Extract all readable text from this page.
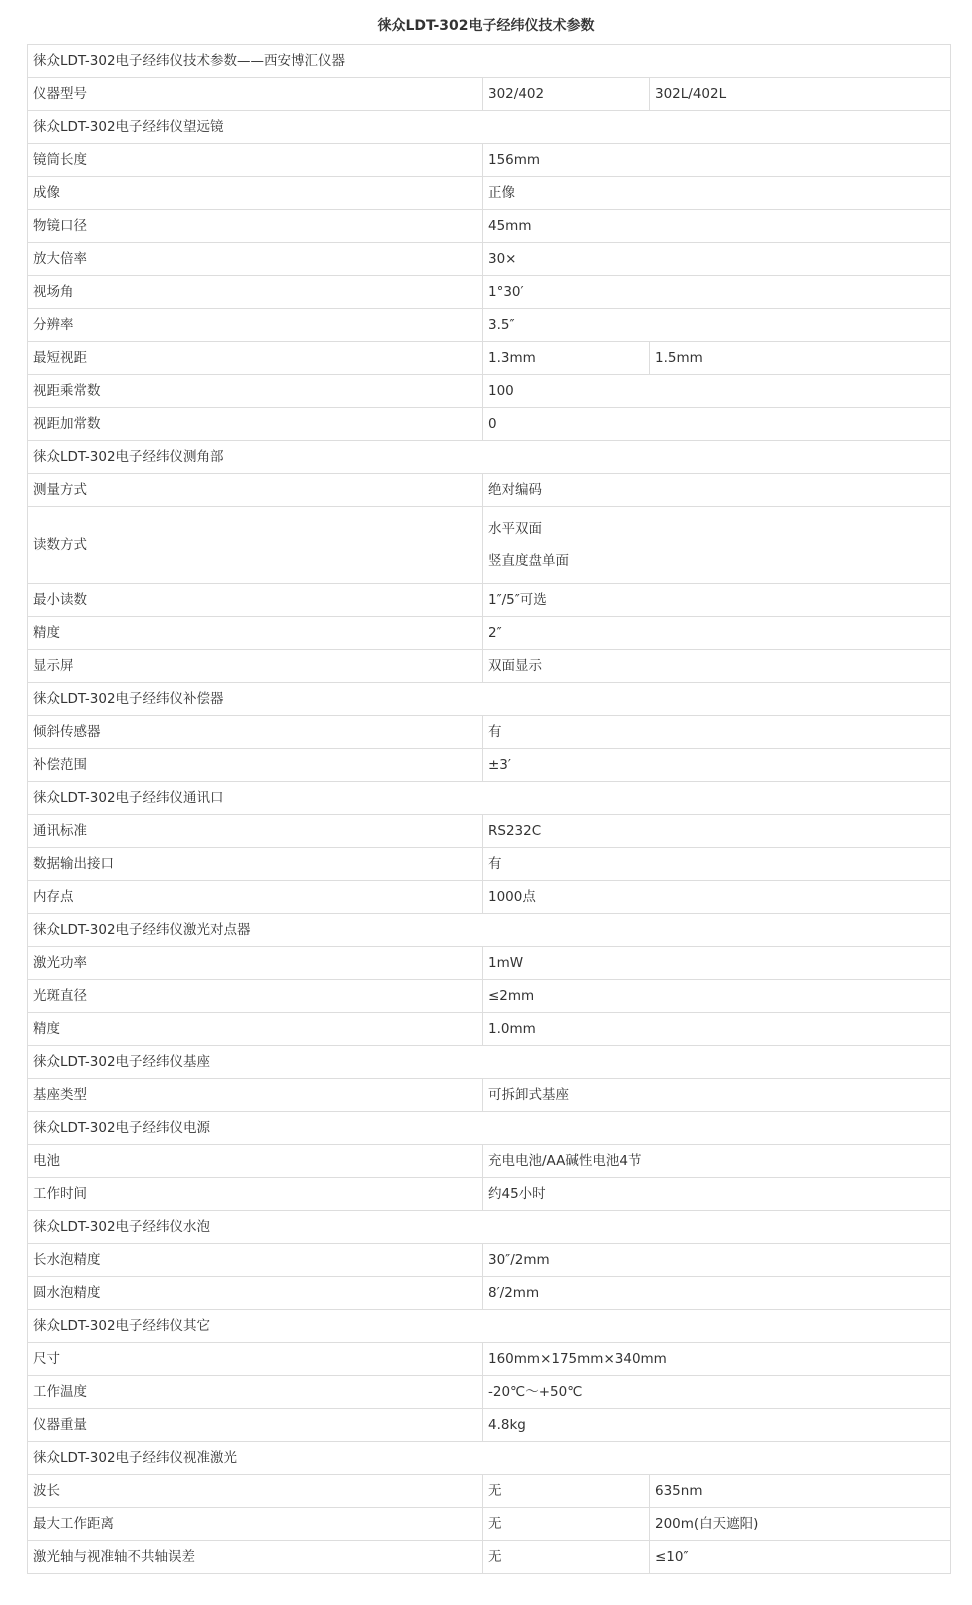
徕众LDT-302电子经纬仪技术参数
徕众LDT-302电子经纬仪技术参数——西安博汇仪器		
仪器型号	302/402	302L/402L
徕众LDT-302电子经纬仪望远镜		
镜筒长度	156mm	
成像	正像	
物镜口径	45mm	
放大倍率	30×	
视场角	1°30′	
分辨率	3.5″	
最短视距	1.3mm	1.5mm
视距乘常数	100	
视距加常数	0	
徕众LDT-302电子经纬仪测角部		
测量方式	绝对编码	
读数方式	水平双面
竖直度盘单面	

最小读数	1″/5″可选	
精度	2″	
显示屏	双面显示	
徕众LDT-302电子经纬仪补偿器		
倾斜传感器	有	
补偿范围	±3′	
徕众LDT-302电子经纬仪通讯口		
通讯标准	RS232C	
数据输出接口	有	
内存点	1000点	
徕众LDT-302电子经纬仪激光对点器		
激光功率	1mW	
光斑直径	≤2mm	
精度	1.0mm	
徕众LDT-302电子经纬仪基座		
基座类型	可拆卸式基座	
徕众LDT-302电子经纬仪电源		
电池	充电电池/AA碱性电池4节	
工作时间	约45小时	
徕众LDT-302电子经纬仪水泡		
长水泡精度	30″/2mm	
圆水泡精度	8′/2mm	
徕众LDT-302电子经纬仪其它		
尺寸	160mm×175mm×340mm	
工作温度	-20℃～+50℃	
仪器重量	4.8kg	
徕众LDT-302电子经纬仪视准激光		
波长	无	635nm
最大工作距离	无	200m(白天遮阳)
激光轴与视准轴不共轴误差	无	≤10″
